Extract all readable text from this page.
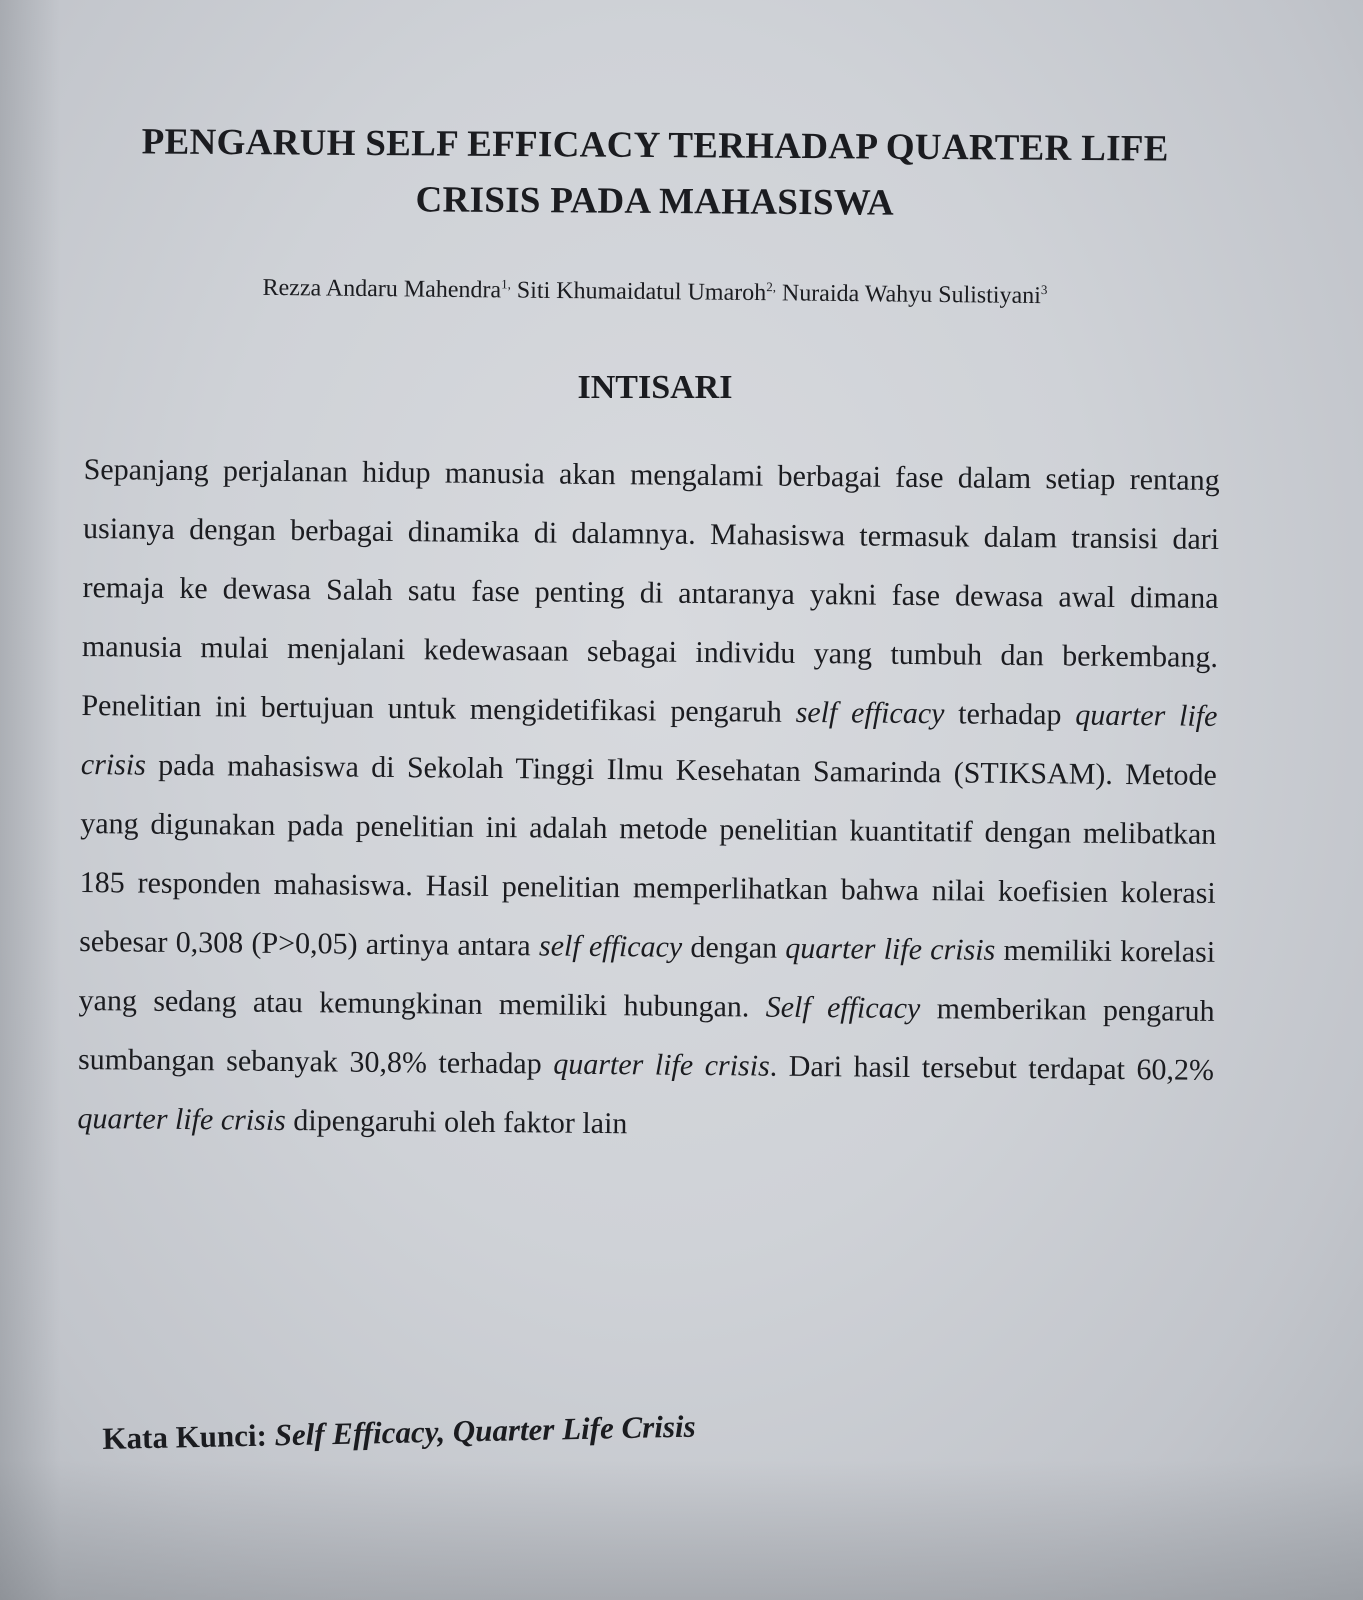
PENGARUH SELF EFFICACY TERHADAP QUARTER LIFE
CRISIS PADA MAHASISWA
Rezza Andaru Mahendra$^{1,}$ Siti Khumaidatul Umaroh$^{2,}$ Nuraida Wahyu Sulistiyani$^3$
INTISARI

Sepanjang perjalanan hidup manusia akan mengalami berbagai fase dalam setiap rentang usianya dengan berbagai dinamika di dalamnya. Mahasiswa termasuk dalam transisi dari remaja ke dewasa Salah satu fase penting di antaranya yakni fase dewasa awal dimana manusia mulai menjalani kedewasaan sebagai individu yang tumbuh dan berkembang. Penelitian ini bertujuan untuk mengidetifikasi pengaruh self efficacy terhadap quarter life crisis pada mahasiswa di Sekolah Tinggi Ilmu Kesehatan Samarinda (STIKSAM). Metode yang digunakan pada penelitian ini adalah metode penelitian kuantitatif dengan melibatkan 185 responden mahasiswa. Hasil penelitian memperlihatkan bahwa nilai koefisien kolerasi sebesar 0,308 (P>0,05) artinya antara self efficacy dengan quarter life crisis memiliki korelasi yang sedang atau kemungkinan memiliki hubungan. Self efficacy memberikan pengaruh sumbangan sebanyak 30,8% terhadap quarter life crisis. Dari hasil tersebut terdapat 60,2% quarter life crisis dipengaruhi oleh faktor lain

Kata Kunci: Self Efficacy, Quarter Life Crisis
